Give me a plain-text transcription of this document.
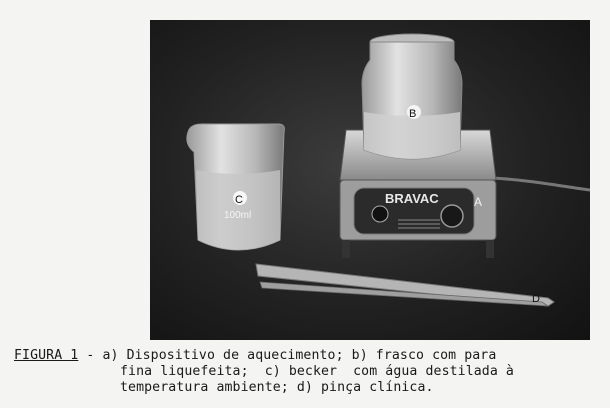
BRAVAC	A
B
C
100ml
D
FIGURA 1 - a) Dispositivo de aquecimento; b) frasco com para
fina liquefeita;  c) becker  com água destilada à
temperatura ambiente; d) pinça clínica.
